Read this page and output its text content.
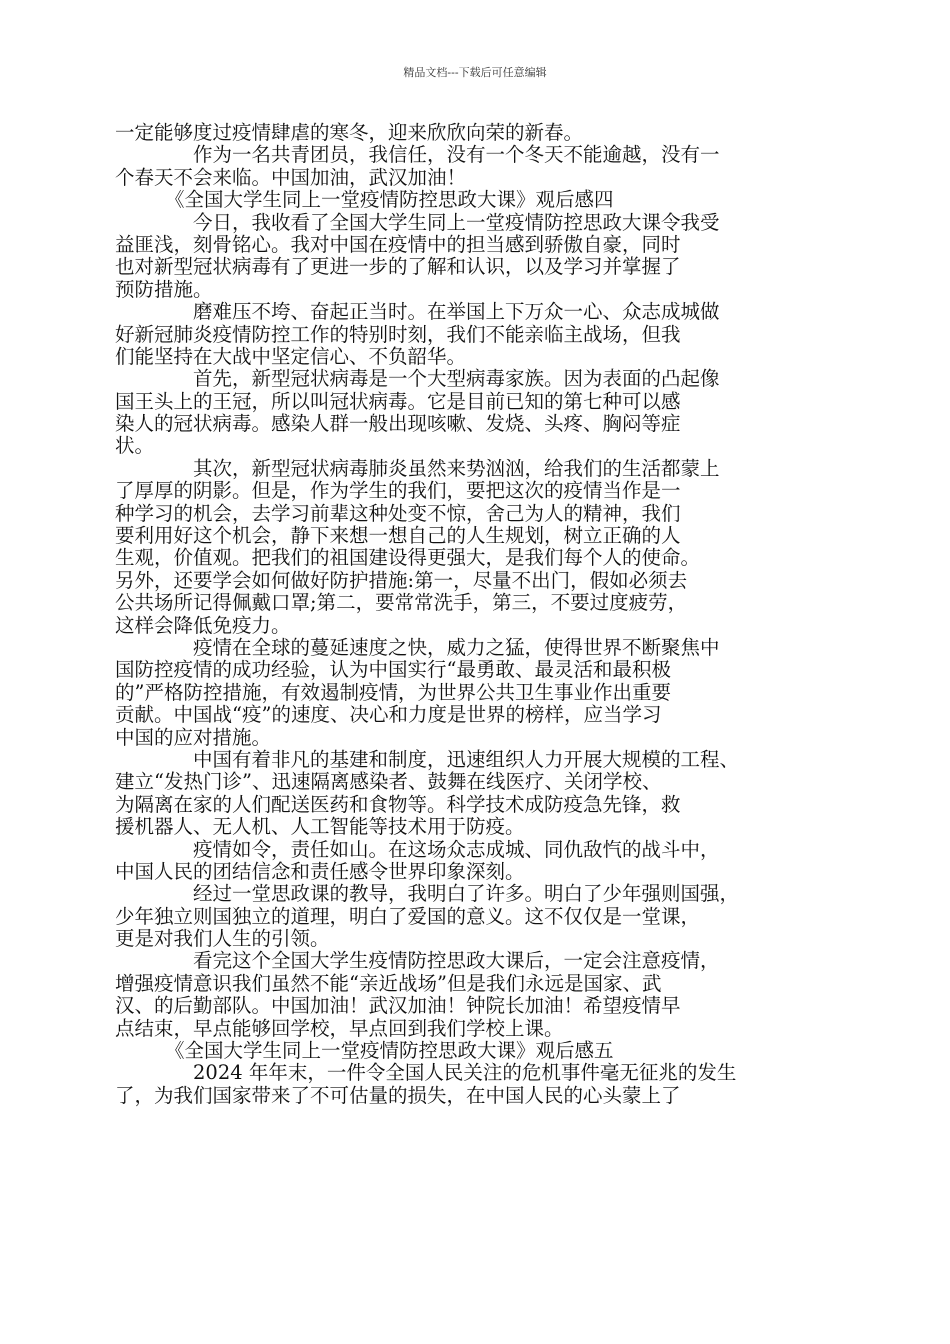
精品文档---下载后可任意编辑
一定能够度过疫情肆虐的寒冬，迎来欣欣向荣的新春。
作为一名共青团员，我信任，没有一个冬天不能逾越，没有一
个春天不会来临。中国加油，武汉加油！
《全国大学生同上一堂疫情防控思政大课》观后感四
今日，我收看了全国大学生同上一堂疫情防控思政大课令我受
益匪浅，刻骨铭心。我对中国在疫情中的担当感到骄傲自豪，同时
也对新型冠状病毒有了更进一步的了解和认识，以及学习并掌握了
预防措施。
磨难压不垮、奋起正当时。在举国上下万众一心、众志成城做
好新冠肺炎疫情防控工作的特别时刻，我们不能亲临主战场，但我
们能坚持在大战中坚定信心、不负韶华。
首先，新型冠状病毒是一个大型病毒家族。因为表面的凸起像
国王头上的王冠，所以叫冠状病毒。它是目前已知的第七种可以感
染人的冠状病毒。感染人群一般出现咳嗽、发烧、头疼、胸闷等症
状。
其次，新型冠状病毒肺炎虽然来势汹汹，给我们的生活都蒙上
了厚厚的阴影。但是，作为学生的我们，要把这次的疫情当作是一
种学习的机会，去学习前辈这种处变不惊，舍己为人的精神，我们
要利用好这个机会，静下来想一想自己的人生规划，树立正确的人
生观，价值观。把我们的祖国建设得更强大，是我们每个人的使命。
另外，还要学会如何做好防护措施:第一，尽量不出门，假如必须去
公共场所记得佩戴口罩;第二，要常常洗手，第三，不要过度疲劳，
这样会降低免疫力。
疫情在全球的蔓延速度之快，威力之猛，使得世界不断聚焦中
国防控疫情的成功经验，认为中国实行“最勇敢、最灵活和最积极
的”严格防控措施，有效遏制疫情，为世界公共卫生事业作出重要
贡献。中国战“疫”的速度、决心和力度是世界的榜样，应当学习
中国的应对措施。
中国有着非凡的基建和制度，迅速组织人力开展大规模的工程、
建立“发热门诊”、迅速隔离感染者、鼓舞在线医疗、关闭学校、
为隔离在家的人们配送医药和食物等。科学技术成防疫急先锋，救
援机器人、无人机、人工智能等技术用于防疫。
疫情如令，责任如山。在这场众志成城、同仇敌忾的战斗中，
中国人民的团结信念和责任感令世界印象深刻。
经过一堂思政课的教导，我明白了许多。明白了少年强则国强，
少年独立则国独立的道理，明白了爱国的意义。这不仅仅是一堂课，
更是对我们人生的引领。
看完这个全国大学生疫情防控思政大课后，一定会注意疫情，
增强疫情意识我们虽然不能“亲近战场”但是我们永远是国家、武
汉、的后勤部队。中国加油！武汉加油！钟院长加油！希望疫情早
点结束，早点能够回学校，早点回到我们学校上课。
《全国大学生同上一堂疫情防控思政大课》观后感五
2024 年年末，一件令全国人民关注的危机事件毫无征兆的发生
了，为我们国家带来了不可估量的损失，在中国人民的心头蒙上了
